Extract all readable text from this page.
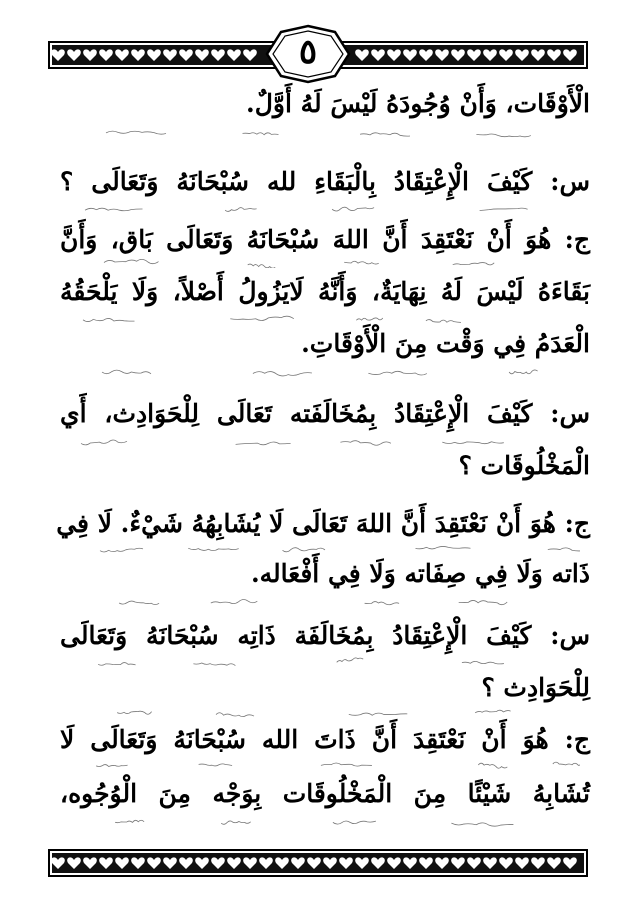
٥
الْأَوْقَات، وَأَنْ وُجُودَهُ لَيْسَ لَهُ أَوَّلٌ.
س: كَيْفَ الْإِعْتِقَادُ بِالْبَقَاءِ لله سُبْحَانَهُ وَتَعَالَى ؟
ج: هُوَ أَنْ نَعْتَقِدَ أَنَّ اللهَ سُبْحَانَهُ وَتَعَالَى بَاق، وَأَنَّ
بَقَاءَهُ لَيْسَ لَهُ نِهَايَةٌ، وَأَنَّهُ لَايَزُولُ أَصْلاً، وَلَا يَلْحَقُهُ
الْعَدَمُ فِي وَقْت مِنَ الْأَوْقَاتِ.
س: كَيْفَ الْإِعْتِقَادُ بِمُخَالَفَته تَعَالَى لِلْحَوَادِث، أَي
الْمَخْلُوقَات ؟
ج: هُوَ أَنْ نَعْتَقِدَ أَنَّ اللهَ تَعَالَى لَا يُشَابِهُهُ شَيْءٌ. لَا فِي
ذَاته وَلَا فِي صِفَاته وَلَا فِي أَفْعَاله.
س: كَيْفَ الْإِعْتِقَادُ بِمُخَالَفَة ذَاتِه سُبْحَانَهُ وَتَعَالَى
لِلْحَوَادِث ؟
ج: هُوَ أَنْ نَعْتَقِدَ أَنَّ ذَاتَ الله سُبْحَانَهُ وَتَعَالَى لَا
تُشَابِهُ شَيْئًا مِنَ الْمَخْلُوقَات بِوَجْه مِنَ الْوُجُوه،
